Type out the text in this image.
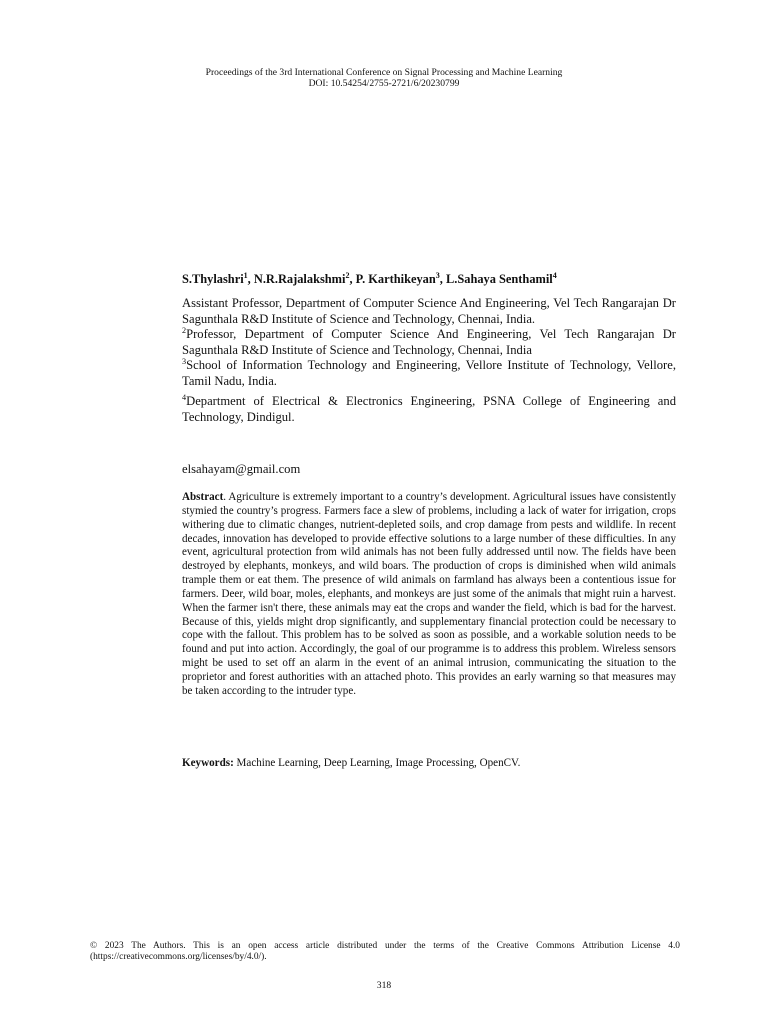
Proceedings of the 3rd International Conference on Signal Processing and Machine Learning
DOI: 10.54254/2755-2721/6/20230799
S.Thylashri$^1$, N.R.Rajalakshmi$^2$, P. Karthikeyan$^3$, L.Sahaya Senthamil$^4$

Assistant Professor, Department of Computer Science And Engineering, Vel Tech Rangarajan Dr Sagunthala R&D Institute of Science and Technology, Chennai, India.

$^2$Professor, Department of Computer Science And Engineering, Vel Tech Rangarajan Dr Sagunthala R&D Institute of Science and Technology, Chennai, India

$^3$School of Information Technology and Engineering, Vellore Institute of Technology, Vellore, Tamil Nadu, India.

$^4$Department of Electrical & Electronics Engineering, PSNA College of Engineering and Technology, Dindigul.

elsahayam@gmail.com

Abstract. Agriculture is extremely important to a country’s development. Agricultural issues have consistently stymied the country’s progress. Farmers face a slew of problems, including a lack of water for irrigation, crops withering due to climatic changes, nutrient-depleted soils, and crop damage from pests and wildlife. In recent decades, innovation has developed to provide effective solutions to a large number of these difficulties. In any event, agricultural protection from wild animals has not been fully addressed until now. The fields have been destroyed by elephants, monkeys, and wild boars. The production of crops is diminished when wild animals trample them or eat them. The presence of wild animals on farmland has always been a contentious issue for farmers. Deer, wild boar, moles, elephants, and monkeys are just some of the animals that might ruin a harvest. When the farmer isn't there, these animals may eat the crops and wander the field, which is bad for the harvest. Because of this, yields might drop significantly, and supplementary financial protection could be necessary to cope with the fallout. This problem has to be solved as soon as possible, and a workable solution needs to be found and put into action. Accordingly, the goal of our programme is to address this problem. Wireless sensors might be used to set off an alarm in the event of an animal intrusion, communicating the situation to the proprietor and forest authorities with an attached photo. This provides an early warning so that measures may be taken according to the intruder type.

Keywords: Machine Learning, Deep Learning, Image Processing, OpenCV.

© 2023 The Authors. This is an open access article distributed under the terms of the Creative Commons Attribution License 4.0 (https://creativecommons.org/licenses/by/4.0/).

318
